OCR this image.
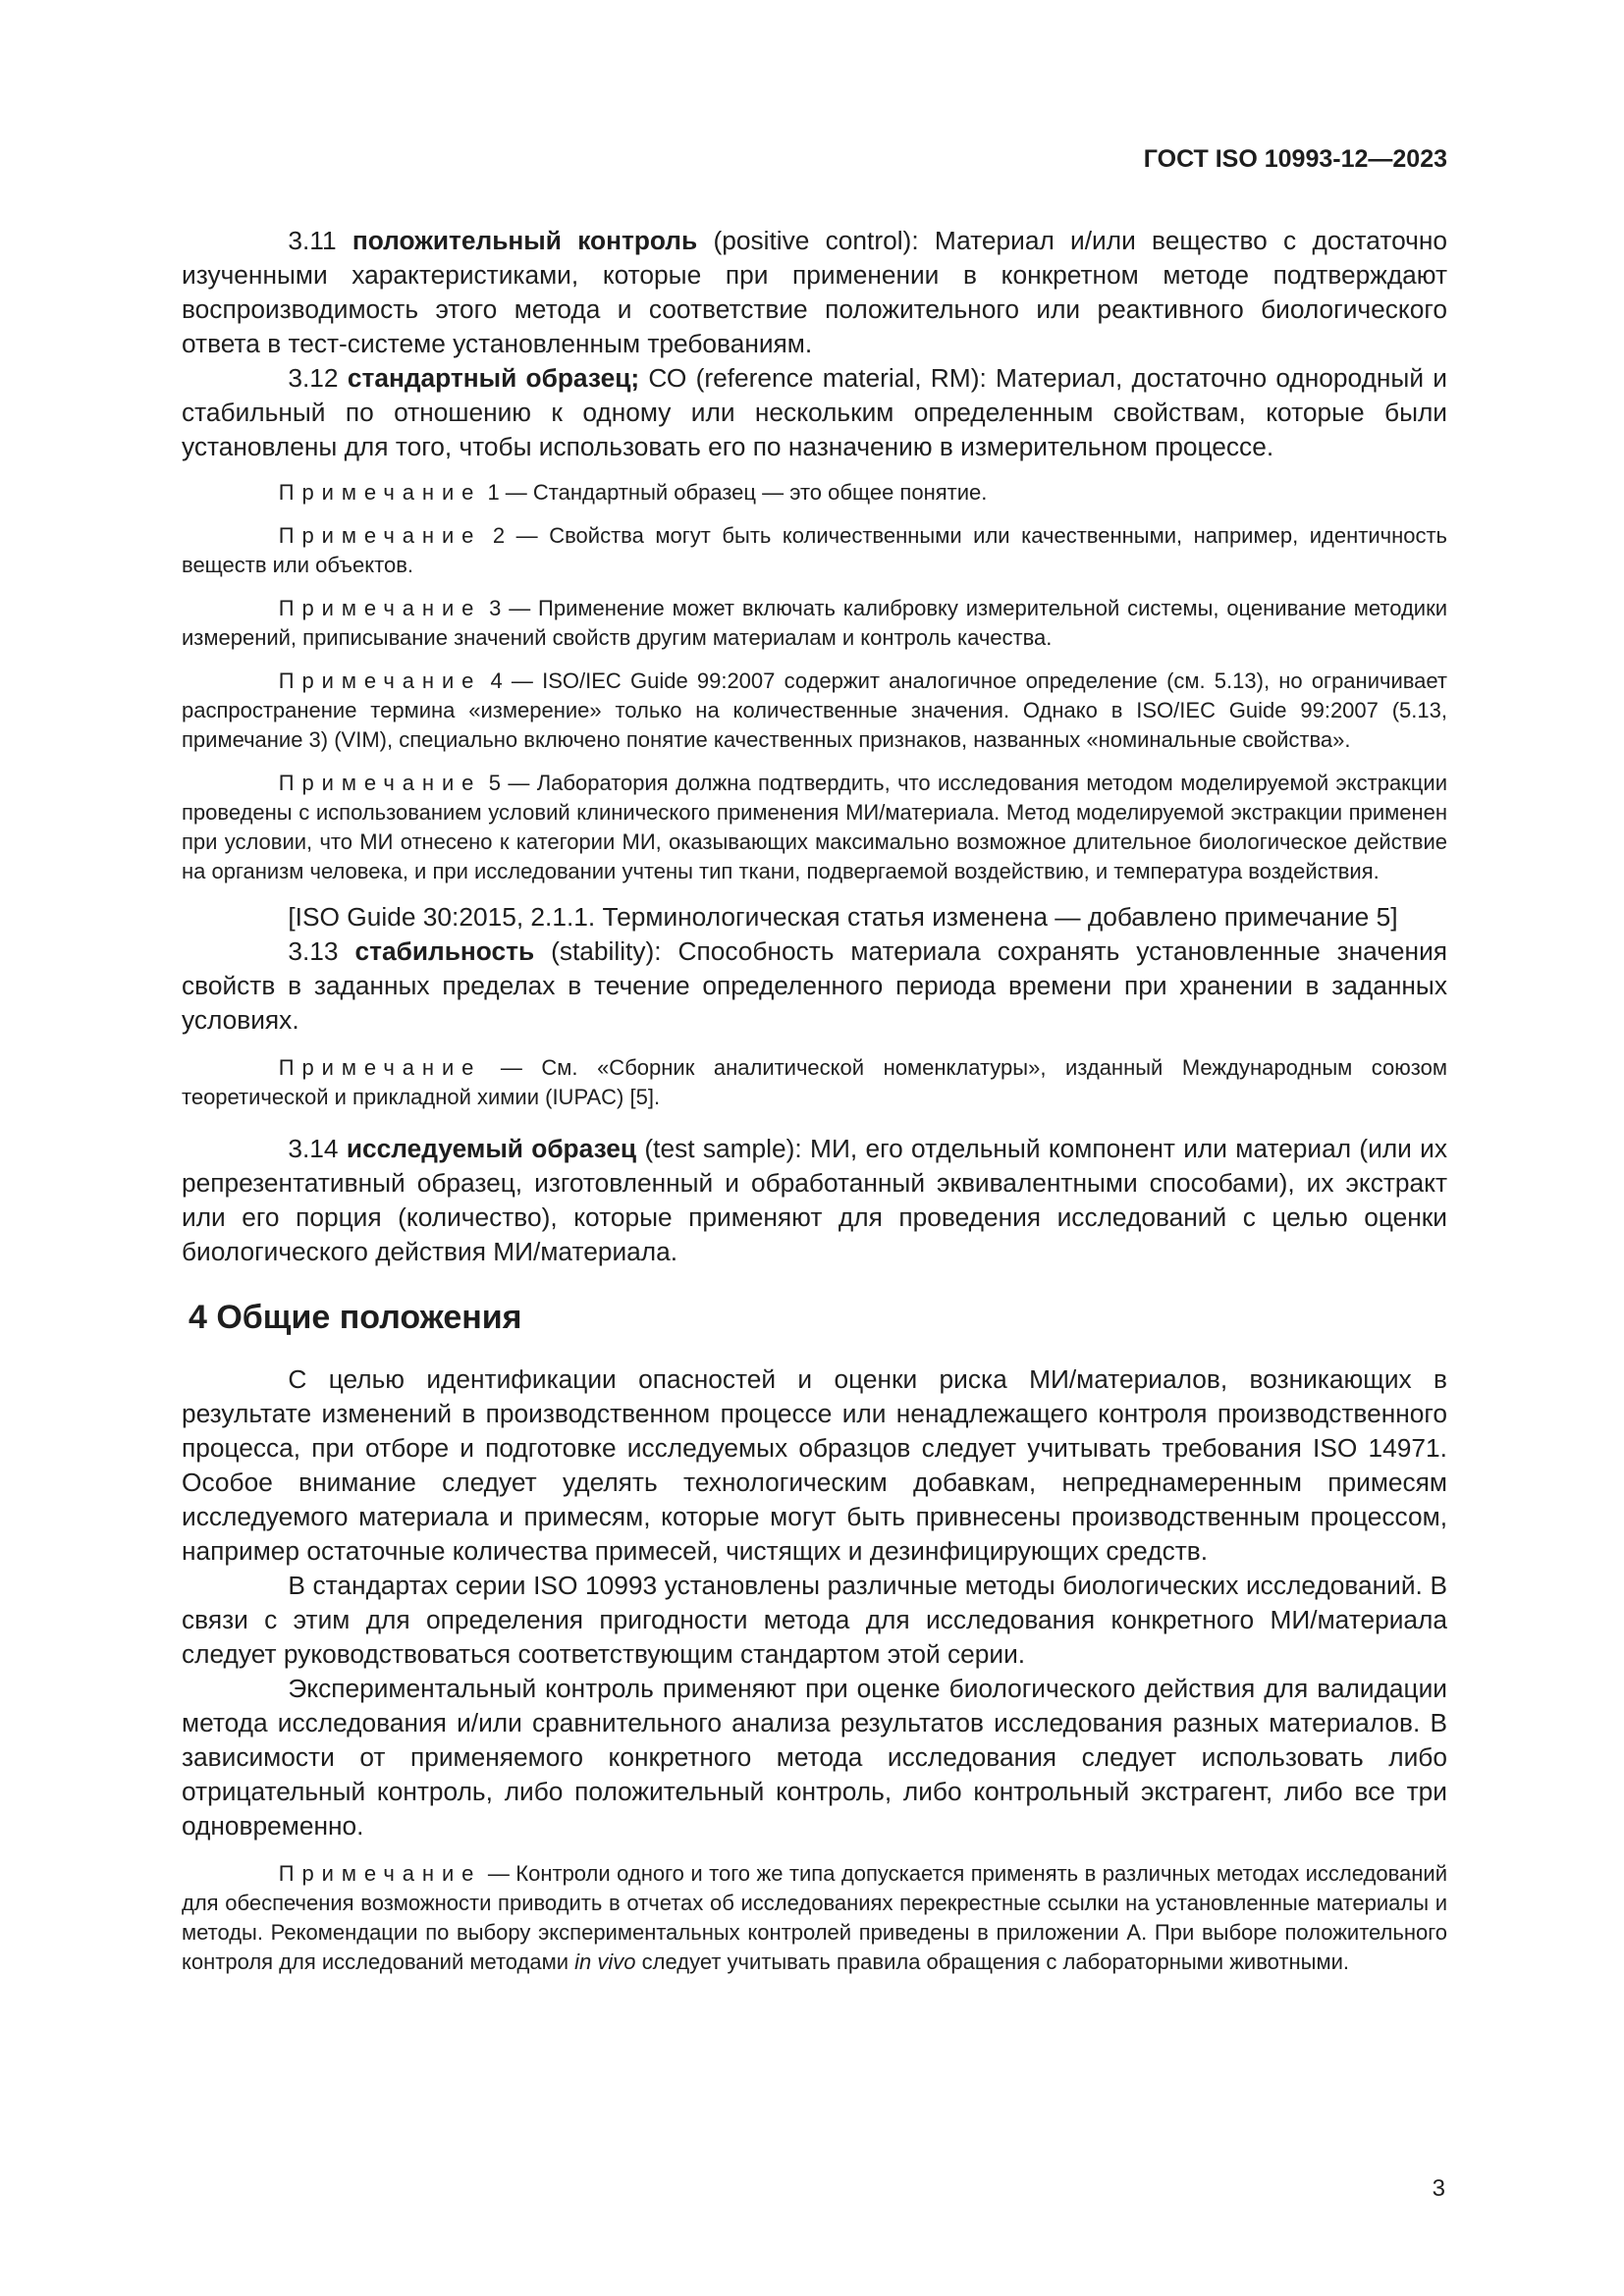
ГОСТ ISO 10993-12—2023

3.11 положительный контроль (positive control): Материал и/или вещество с достаточно изученными характеристиками, которые при применении в конкретном методе подтверждают воспроизводимость этого метода и соответствие положительного или реактивного биологического ответа в тест-системе установленным требованиям.

3.12 стандартный образец; СО (reference material, RM): Материал, достаточно однородный и стабильный по отношению к одному или нескольким определенным свойствам, которые были установлены для того, чтобы использовать его по назначению в измерительном процессе.

Примечание 1 — Стандартный образец — это общее понятие.

Примечание 2 — Свойства могут быть количественными или качественными, например, идентичность веществ или объектов.

Примечание 3 — Применение может включать калибровку измерительной системы, оценивание методики измерений, приписывание значений свойств другим материалам и контроль качества.

Примечание 4 — ISO/IEC Guide 99:2007 содержит аналогичное определение (см. 5.13), но ограничивает распространение термина «измерение» только на количественные значения. Однако в ISO/IEC Guide 99:2007 (5.13, примечание 3) (VIM), специально включено понятие качественных признаков, названных «номинальные свойства».

Примечание 5 — Лаборатория должна подтвердить, что исследования методом моделируемой экстракции проведены с использованием условий клинического применения МИ/материала. Метод моделируемой экстракции применен при условии, что МИ отнесено к категории МИ, оказывающих максимально возможное длительное биологическое действие на организм человека, и при исследовании учтены тип ткани, подвергаемой воздействию, и температура воздействия.

[ISO Guide 30:2015, 2.1.1. Терминологическая статья изменена — добавлено примечание 5]

3.13 стабильность (stability): Способность материала сохранять установленные значения свойств в заданных пределах в течение определенного периода времени при хранении в заданных условиях.

Примечание — См. «Сборник аналитической номенклатуры», изданный Международным союзом теоретической и прикладной химии (IUPAC) [5].

3.14 исследуемый образец (test sample): МИ, его отдельный компонент или материал (или их репрезентативный образец, изготовленный и обработанный эквивалентными способами), их экстракт или его порция (количество), которые применяют для проведения исследований с целью оценки биологического действия МИ/материала.

4 Общие положения

С целью идентификации опасностей и оценки риска МИ/материалов, возникающих в результате изменений в производственном процессе или ненадлежащего контроля производственного процесса, при отборе и подготовке исследуемых образцов следует учитывать требования ISO 14971. Особое внимание следует уделять технологическим добавкам, непреднамеренным примесям исследуемого материала и примесям, которые могут быть привнесены производственным процессом, например остаточные количества примесей, чистящих и дезинфицирующих средств.

В стандартах серии ISO 10993 установлены различные методы биологических исследований. В связи с этим для определения пригодности метода для исследования конкретного МИ/материала следует руководствоваться соответствующим стандартом этой серии.

Экспериментальный контроль применяют при оценке биологического действия для валидации метода исследования и/или сравнительного анализа результатов исследования разных материалов. В зависимости от применяемого конкретного метода исследования следует использовать либо отрицательный контроль, либо положительный контроль, либо контрольный экстрагент, либо все три одновременно.

Примечание — Контроли одного и того же типа допускается применять в различных методах исследований для обеспечения возможности приводить в отчетах об исследованиях перекрестные ссылки на установленные материалы и методы. Рекомендации по выбору экспериментальных контролей приведены в приложении А. При выборе положительного контроля для исследований методами in vivo следует учитывать правила обращения с лабораторными животными.

3
